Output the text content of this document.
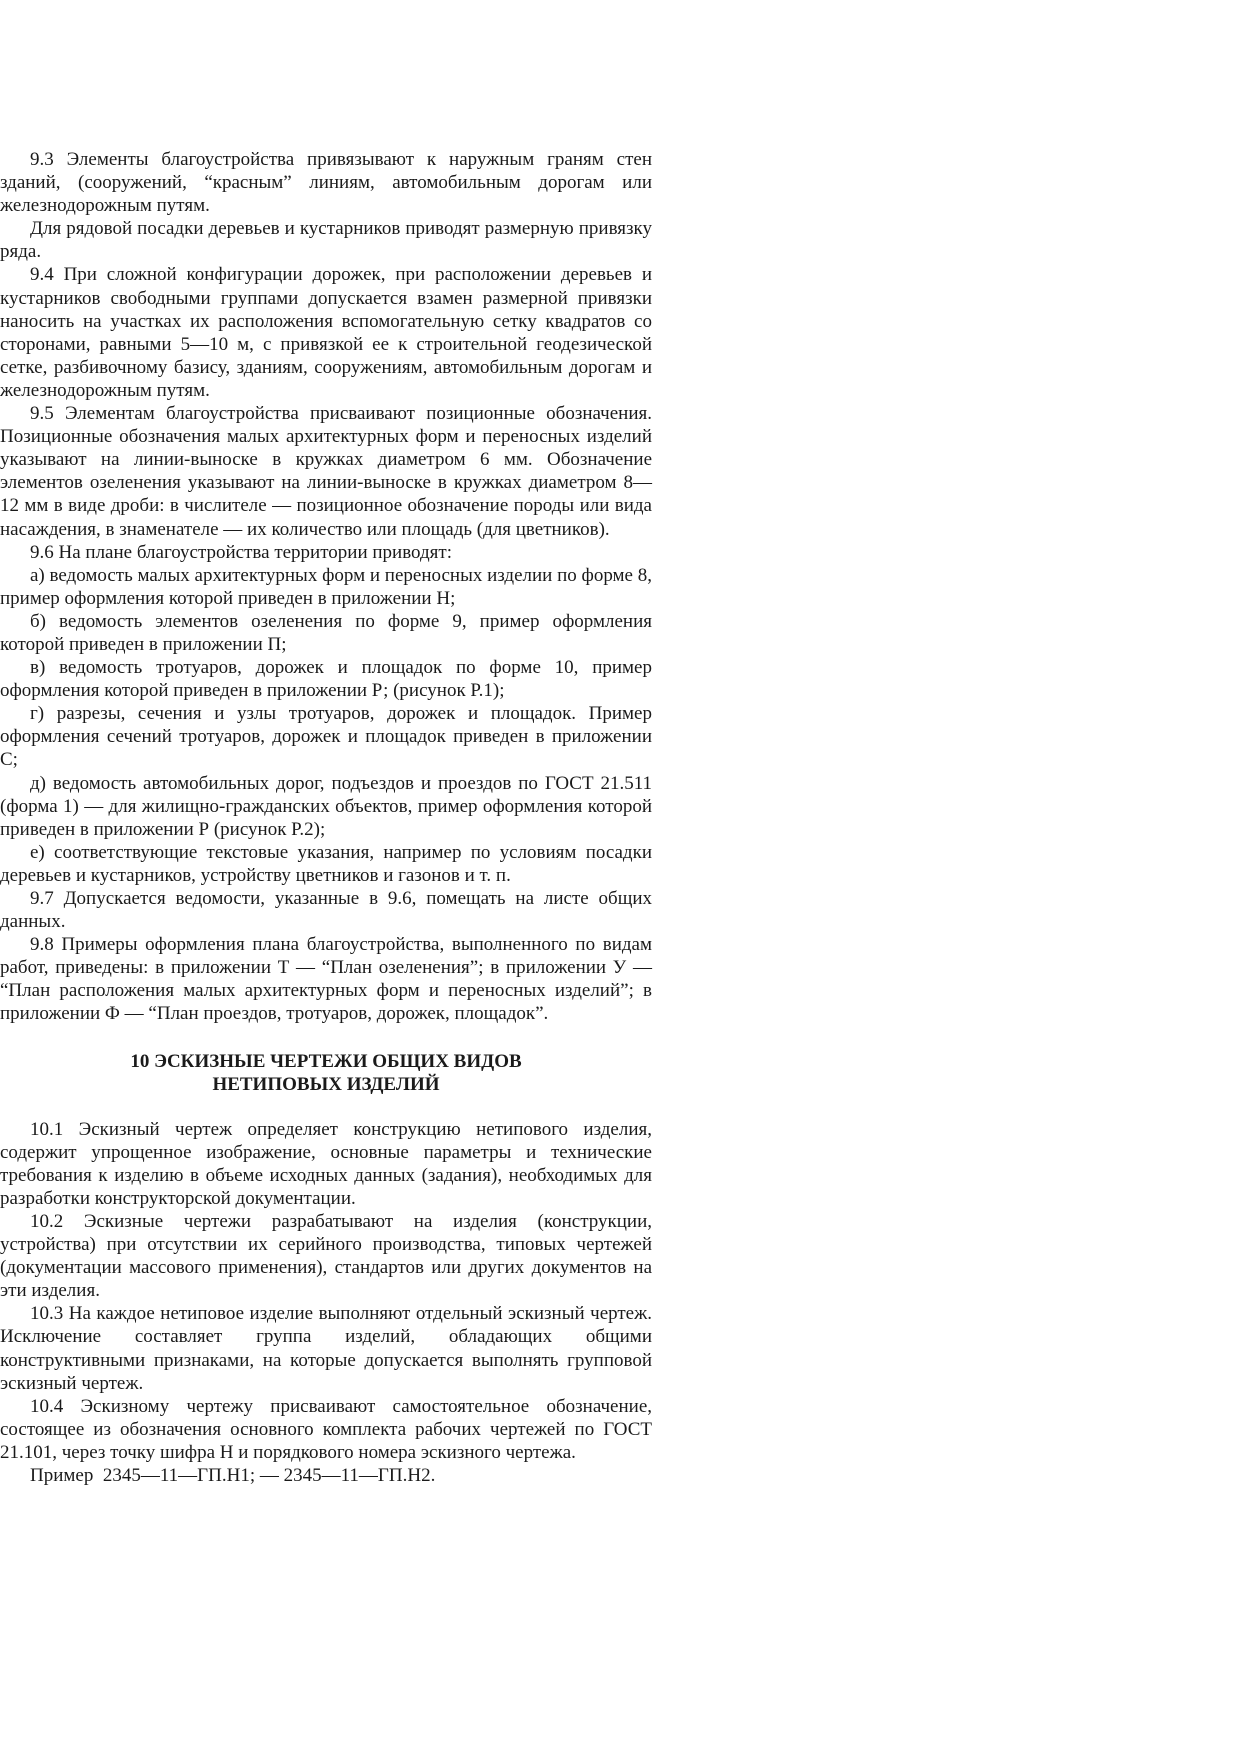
9.3 Элементы благоустройства привязывают к наружным граням стен зданий, (сооружений, “красным” линиям, автомобильным дорогам или железнодорожным путям.

Для рядовой посадки деревьев и кустарников приводят размерную привязку ряда.

9.4 При сложной конфигурации дорожек, при расположении деревьев и кустарников свободными группами допускается взамен размерной привязки наносить на участках их расположения вспомогательную сетку квадратов со сторонами, равными 5—10 м, с привязкой ее к строительной геодезической сетке, разбивочному базису, зданиям, сооружениям, автомобильным дорогам и железнодорожным путям.

9.5 Элементам благоустройства присваивают позиционные обозначения. Позиционные обозначения малых архитектурных форм и переносных изделий указывают на линии-выноске в кружках диаметром 6 мм. Обозначение элементов озеленения указывают на линии-выноске в кружках диаметром 8—12 мм в виде дроби: в числителе — позиционное обозначение породы или вида насаждения, в знаменателе — их количество или площадь (для цветников).

9.6 На плане благоустройства территории приводят:

а) ведомость малых архитектурных форм и переносных изделии по форме 8, пример оформления которой приведен в приложении Н;

б) ведомость элементов озеленения по форме 9, пример оформления которой приведен в приложении П;

в) ведомость тротуаров, дорожек и площадок по форме 10, пример оформления которой приведен в приложении Р; (рисунок Р.1);

г) разрезы, сечения и узлы тротуаров, дорожек и площадок. Пример оформления сечений тротуаров, дорожек и площадок приведен в приложении С;

д) ведомость автомобильных дорог, подъездов и проездов по ГОСТ 21.511 (форма 1) — для жилищно-гражданских объектов, пример оформления которой приведен в приложении Р (рисунок Р.2);

е) соответствующие текстовые указания, например по условиям посадки деревьев и кустарников, устройству цветников и газонов и т. п.

9.7 Допускается ведомости, указанные в 9.6, помещать на листе общих данных.

9.8 Примеры оформления плана благоустройства, выполненного по видам работ, приведены: в приложении Т — “План озеленения”; в приложении У — “План расположения малых архитектурных форм и переносных изделий”; в приложении Ф — “План проездов, тротуаров, дорожек, площадок”.

10 ЭСКИЗНЫЕ ЧЕРТЕЖИ ОБЩИХ ВИДОВ
НЕТИПОВЫХ ИЗДЕЛИЙ

10.1 Эскизный чертеж определяет конструкцию нетипового изделия, содержит упрощенное изображение, основные параметры и технические требования к изделию в объеме исходных данных (задания), необходимых для разработки конструкторской документации.

10.2 Эскизные чертежи разрабатывают на изделия (конструкции, устройства) при отсутствии их серийного производства, типовых чертежей (документации массового применения), стандартов или других документов на эти изделия.

10.3 На каждое нетиповое изделие выполняют отдельный эскизный чертеж. Исключение составляет группа изделий, обладающих общими конструктивными признаками, на которые допускается выполнять групповой эскизный чертеж.

10.4 Эскизному чертежу присваивают самостоятельное обозначение, состоящее из обозначения основного комплекта рабочих чертежей по ГОСТ 21.101, через точку шифра Н и порядкового номера эскизного чертежа.

Пример  2345—11—ГП.Н1; — 2345—11—ГП.Н2.
